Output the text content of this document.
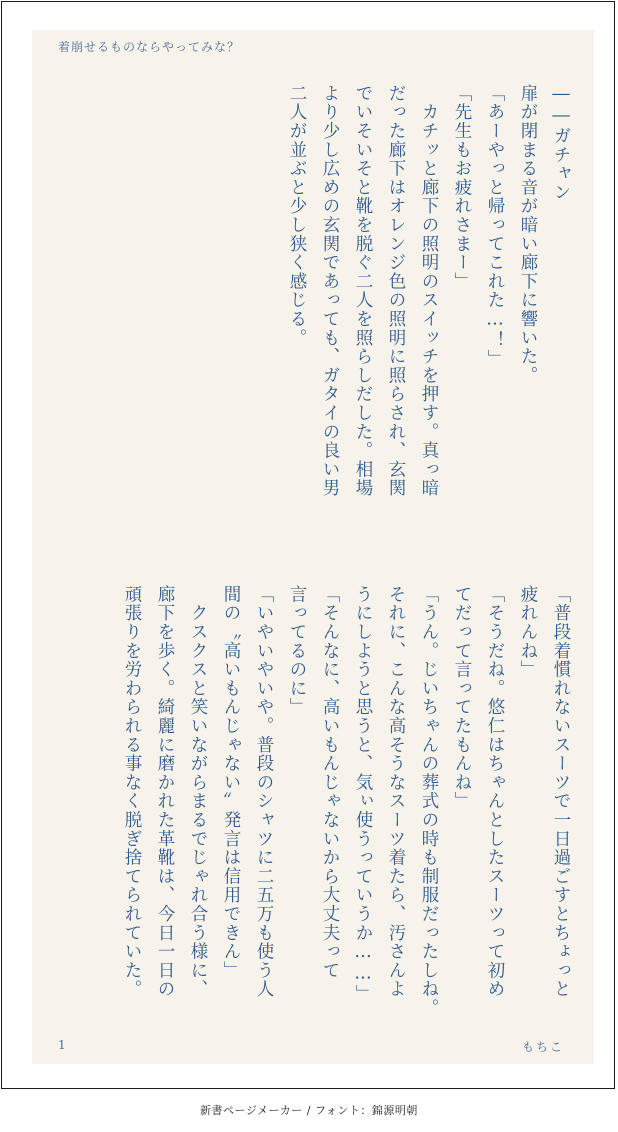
着崩せるものならやってみな？
――ガチャン
扉が閉まる音が暗い廊下に響いた。
「あーやっと帰ってこれた…！」
「先生もお疲れさまー」
　カチッと廊下の照明のスイッチを押す。真っ暗
だった廊下はオレンジ色の照明に照らされ、玄関
でいそいそと靴を脱ぐ二人を照らしだした。相場
より少し広めの玄関であっても、ガタイの良い男
二人が並ぶと少し狭く感じる。
「普段着慣れないスーツで一日過ごすとちょっと
疲れんね」
「そうだね。悠仁はちゃんとしたスーツって初め
てだって言ってたもんね」
「うん。じいちゃんの葬式の時も制服だったしね。
それに、こんな高そうなスーツ着たら、汚さんよ
うにしようと思うと、気ぃ使うっていうか……」
「そんなに、高いもんじゃないから大丈夫って
言ってるのに」
「いやいやいや。普段のシャツに二五万も使う人
間の〝高いもんじゃない〟発言は信用できん」
　クスクスと笑いながらまるでじゃれ合う様に、
廊下を歩く。綺麗に磨かれた革靴は、今日一日の
頑張りを労わられる事なく脱ぎ捨てられていた。
1	もちこ
新書ページメーカー / フォント：錦源明朝
